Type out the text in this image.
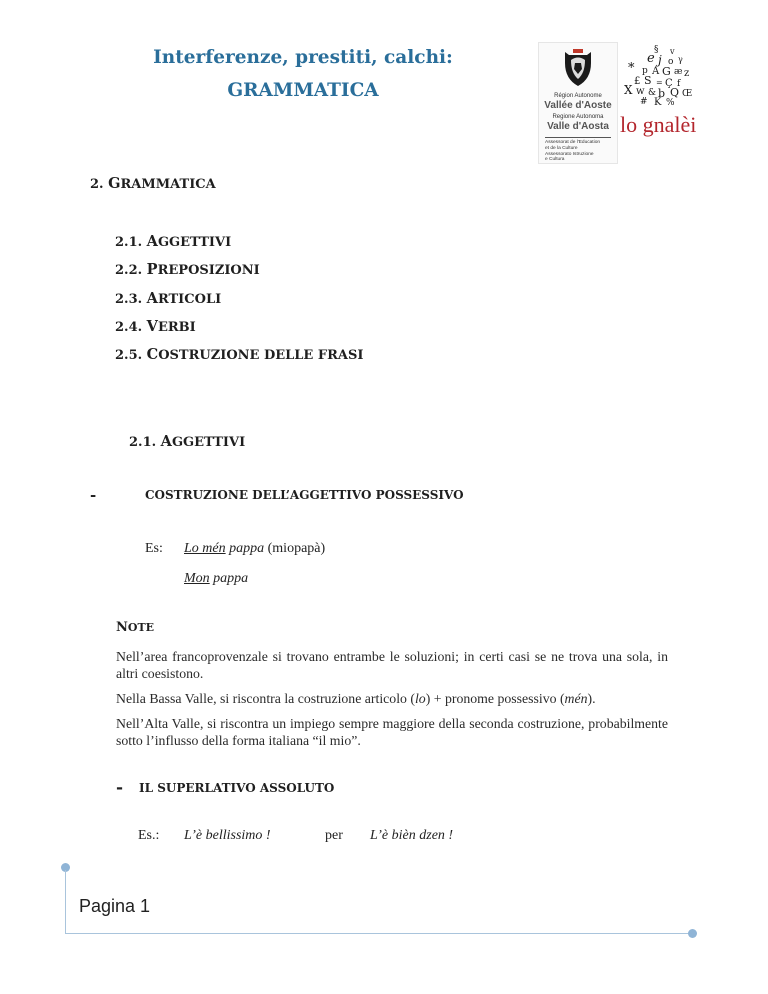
Interferenze, prestiti, calchi:
GRAMMATICA	Région Autonome
Vallée d'Aoste
Regione Autonoma
Valle d'Aosta
Assessorat de l'Education
et de la Culture
Assessorato Istruzione
e Cultura
§ v
e j o γ
* p A G æ z
£ S = Ç f
X w & b Q Œ
# K %
lo gnalèi
2. GRAMMATICA
2.1. AGGETTIVI
2.2. PREPOSIZIONI
2.3. ARTICOLI
2.4. VERBI
2.5. COSTRUZIONE DELLE FRASI
2.1. AGGETTIVI
-	COSTRUZIONE DELL’AGGETTIVO POSSESSIVO
Es: Lo mén pappa (miopapà)
Mon pappa
NOTE
Nell’area francoprovenzale si trovano entrambe le soluzioni; in certi casi se ne trova una sola, in altri coesistono.
Nella Bassa Valle, si riscontra la costruzione articolo (lo) + pronome possessivo (mén).
Nell’Alta Valle, si riscontra un impiego sempre maggiore della seconda costruzione, probabilmente sotto l’influsso della forma italiana “il mio”.
- IL SUPERLATIVO ASSOLUTO
Es.: L’è bellissimo !	per L’è bièn dzen !
Pagina 1
